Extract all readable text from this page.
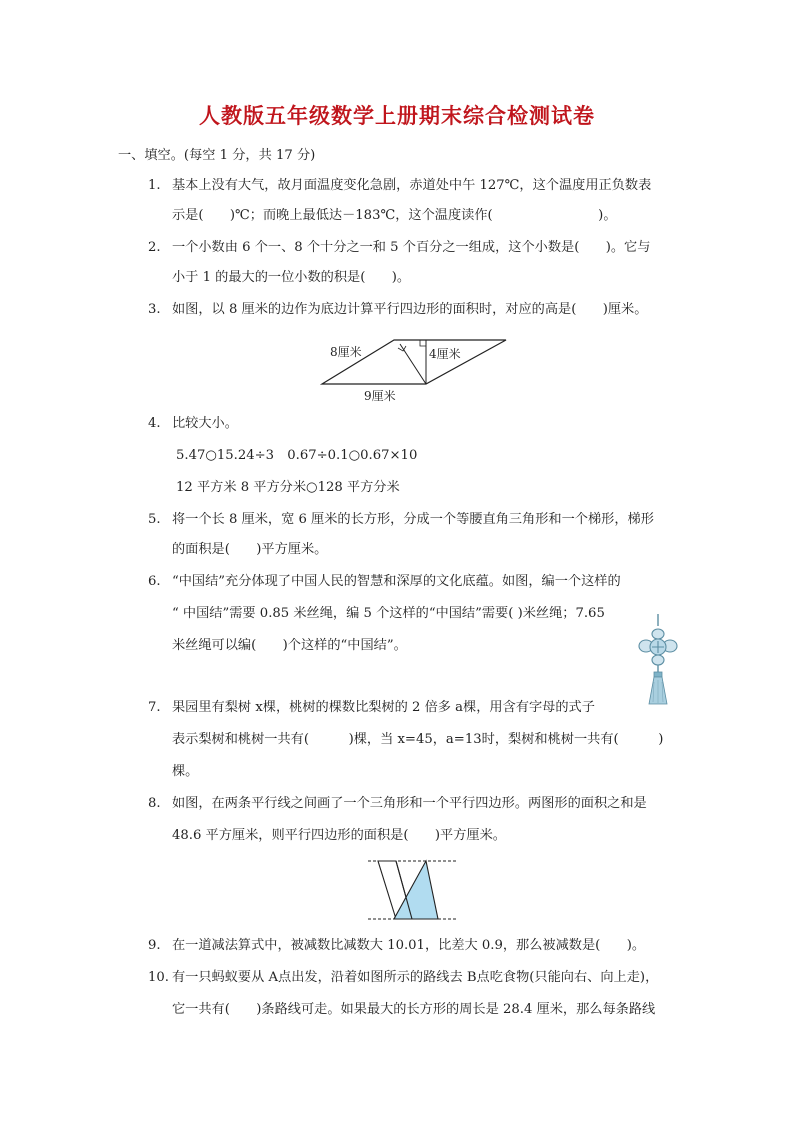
人教版五年级数学上册期末综合检测试卷
一、填空。(每空 1 分，共 17 分)
1. 基本上没有大气，故月面温度变化急剧，赤道处中午 127℃，这个温度用正负数表
示是(　　)℃；而晚上最低达－183℃，这个温度读作(　　　　　　　　)。
2. 一个小数由 6 个一、8 个十分之一和 5 个百分之一组成，这个小数是(　　)。它与
小于 1 的最大的一位小数的积是(　　)。
3. 如图，以 8 厘米的边作为底边计算平行四边形的面积时，对应的高是(　　)厘米。
8厘米	4厘米
9厘米
4. 比较大小。
5.47○15.24÷3　0.67÷0.1○0.67×10
12 平方米 8 平方分米○128 平方分米
5. 将一个长 8 厘米，宽 6 厘米的长方形，分成一个等腰直角三角形和一个梯形，梯形
的面积是(　　)平方厘米。
6. “中国结”充分体现了中国人民的智慧和深厚的文化底蕴。如图，编一个这样的
“ 中国结”需要 0.85 米丝绳，编 5 个这样的“中国结”需要( )米丝绳；7.65
米丝绳可以编(　　)个这样的“中国结”。
7. 果园里有梨树 x棵，桃树的棵数比梨树的 2 倍多 a棵，用含有字母的式子
表示梨树和桃树一共有(　　　)棵，当 x=45，a=13时，梨树和桃树一共有(　　　)
棵。
8. 如图，在两条平行线之间画了一个三角形和一个平行四边形。两图形的面积之和是
48.6 平方厘米，则平行四边形的面积是(　　)平方厘米。
9. 在一道减法算式中，被减数比减数大 10.01，比差大 0.9，那么被减数是(　　)。
10. 有一只蚂蚁要从 A点出发，沿着如图所示的路线去 B点吃食物(只能向右、向上走)，
它一共有(　　)条路线可走。如果最大的长方形的周长是 28.4 厘米，那么每条路线
